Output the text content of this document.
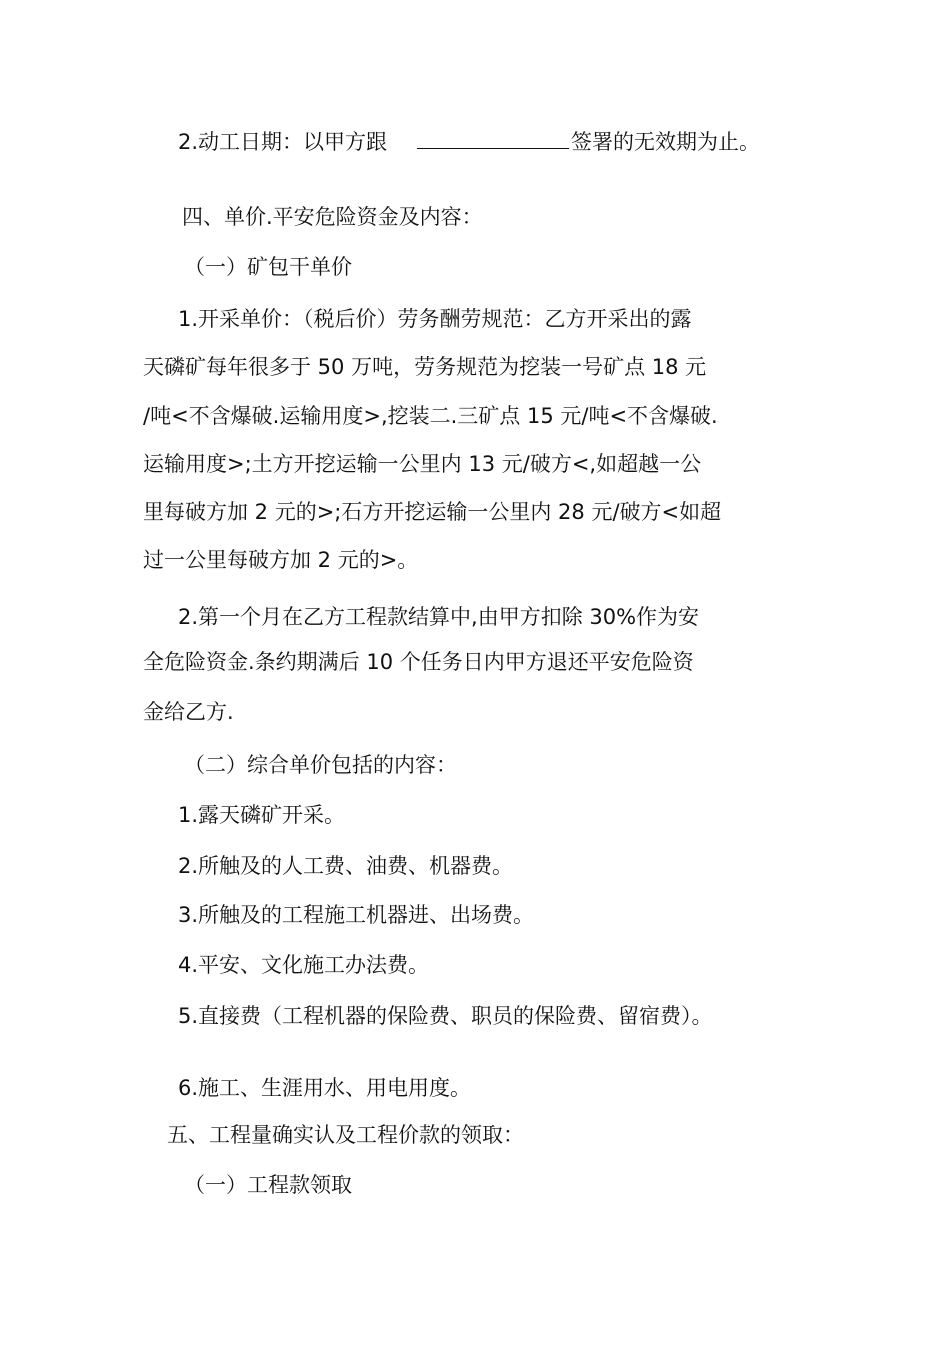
2.动工日期：以甲方跟	签署的无效期为止。
四、单价.平安危险资金及内容：
（一）矿包干单价
1.开采单价：（税后价）劳务酬劳规范：乙方开采出的露
天磷矿每年很多于 50 万吨，劳务规范为挖装一号矿点 18 元
/吨<不含爆破.运输用度>,挖装二.三矿点 15 元/吨<不含爆破.
运输用度>;土方开挖运输一公里内 13 元/破方<,如超越一公
里每破方加 2 元的>;石方开挖运输一公里内 28 元/破方<如超
过一公里每破方加 2 元的>。
2.第一个月在乙方工程款结算中,由甲方扣除 30%作为安
全危险资金.条约期满后 10 个任务日内甲方退还平安危险资
金给乙方.
（二）综合单价包括的内容：
1.露天磷矿开采。
2.所触及的人工费、油费、机器费。
3.所触及的工程施工机器进、出场费。
4.平安、文化施工办法费。
5.直接费（工程机器的保险费、职员的保险费、留宿费）。
6.施工、生涯用水、用电用度。
五、工程量确实认及工程价款的领取：
（一）工程款领取
